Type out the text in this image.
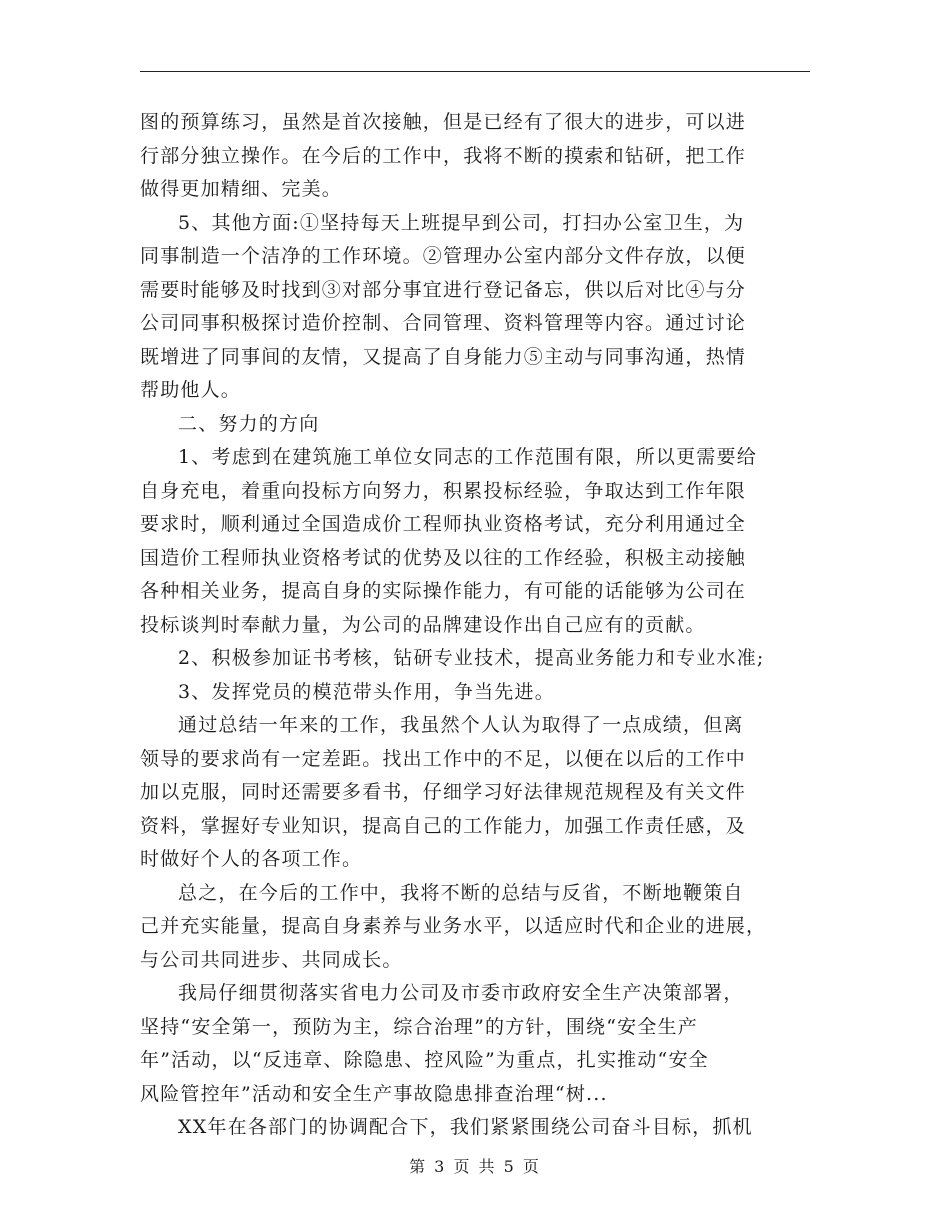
图的预算练习，虽然是首次接触，但是已经有了很大的进步，可以进
行部分独立操作。在今后的工作中，我将不断的摸索和钻研，把工作
做得更加精细、完美。
5、其他方面:①坚持每天上班提早到公司，打扫办公室卫生，为
同事制造一个洁净的工作环境。②管理办公室内部分文件存放，以便
需要时能够及时找到③对部分事宜进行登记备忘，供以后对比④与分
公司同事积极探讨造价控制、合同管理、资料管理等内容。通过讨论
既增进了同事间的友情，又提高了自身能力⑤主动与同事沟通，热情
帮助他人。
二、努力的方向
1、考虑到在建筑施工单位女同志的工作范围有限，所以更需要给
自身充电，着重向投标方向努力，积累投标经验，争取达到工作年限
要求时，顺利通过全国造成价工程师执业资格考试，充分利用通过全
国造价工程师执业资格考试的优势及以往的工作经验，积极主动接触
各种相关业务，提高自身的实际操作能力，有可能的话能够为公司在
投标谈判时奉献力量，为公司的品牌建设作出自己应有的贡献。
2、积极参加证书考核，钻研专业技术，提高业务能力和专业水准;
3、发挥党员的模范带头作用，争当先进。
通过总结一年来的工作，我虽然个人认为取得了一点成绩，但离
领导的要求尚有一定差距。找出工作中的不足，以便在以后的工作中
加以克服，同时还需要多看书，仔细学习好法律规范规程及有关文件
资料，掌握好专业知识，提高自己的工作能力，加强工作责任感，及
时做好个人的各项工作。
总之，在今后的工作中，我将不断的总结与反省，不断地鞭策自
己并充实能量，提高自身素养与业务水平，以适应时代和企业的进展，
与公司共同进步、共同成长。
我局仔细贯彻落实省电力公司及市委市政府安全生产决策部署，
坚持“安全第一，预防为主，综合治理”的方针，围绕“安全生产
年”活动，以“反违章、除隐患、控风险”为重点，扎实推动“安全
风险管控年”活动和安全生产事故隐患排查治理“树...
XX年在各部门的协调配合下，我们紧紧围绕公司奋斗目标，抓机
第 3 页 共 5 页
